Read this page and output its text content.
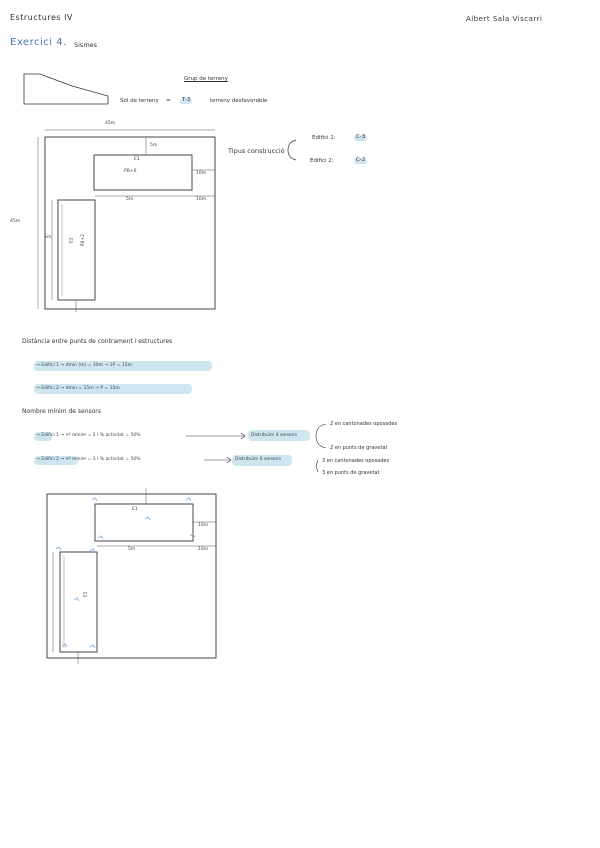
Estructures IV	Albert Sala Viscarri
Exercici 4. Sismes
Grup de terreny
Sòl de terreny =	T-3	terreny desfavorable
45m
45m
E1
PB+6
E2 PB+2
5m
10m
5m	10m
5m
Tipus construcció
Edifici 1:	C-3
Edifici 2:	C-2
Distància entre punts de contrament i estructures
→ Edifici 1 → dmin (m) = 30m → 1P = 15m
→ Edifici 2 → dmin = 15m → P = 15m
Nombre mínim de sensors
→ Edifici 1 → nº mínim = 2 i % activitat = 50%	Distribuïm 4 sensors
2 en cantonades oposades
2 en punts de gravetat
→ Edifici 2 → nº mínim = 3 i % activitat = 50%	Distribuïm 6 sensors	3 en cantonades oposades
3 en punts de gravetat
E1
E2
10m
5m	10m
